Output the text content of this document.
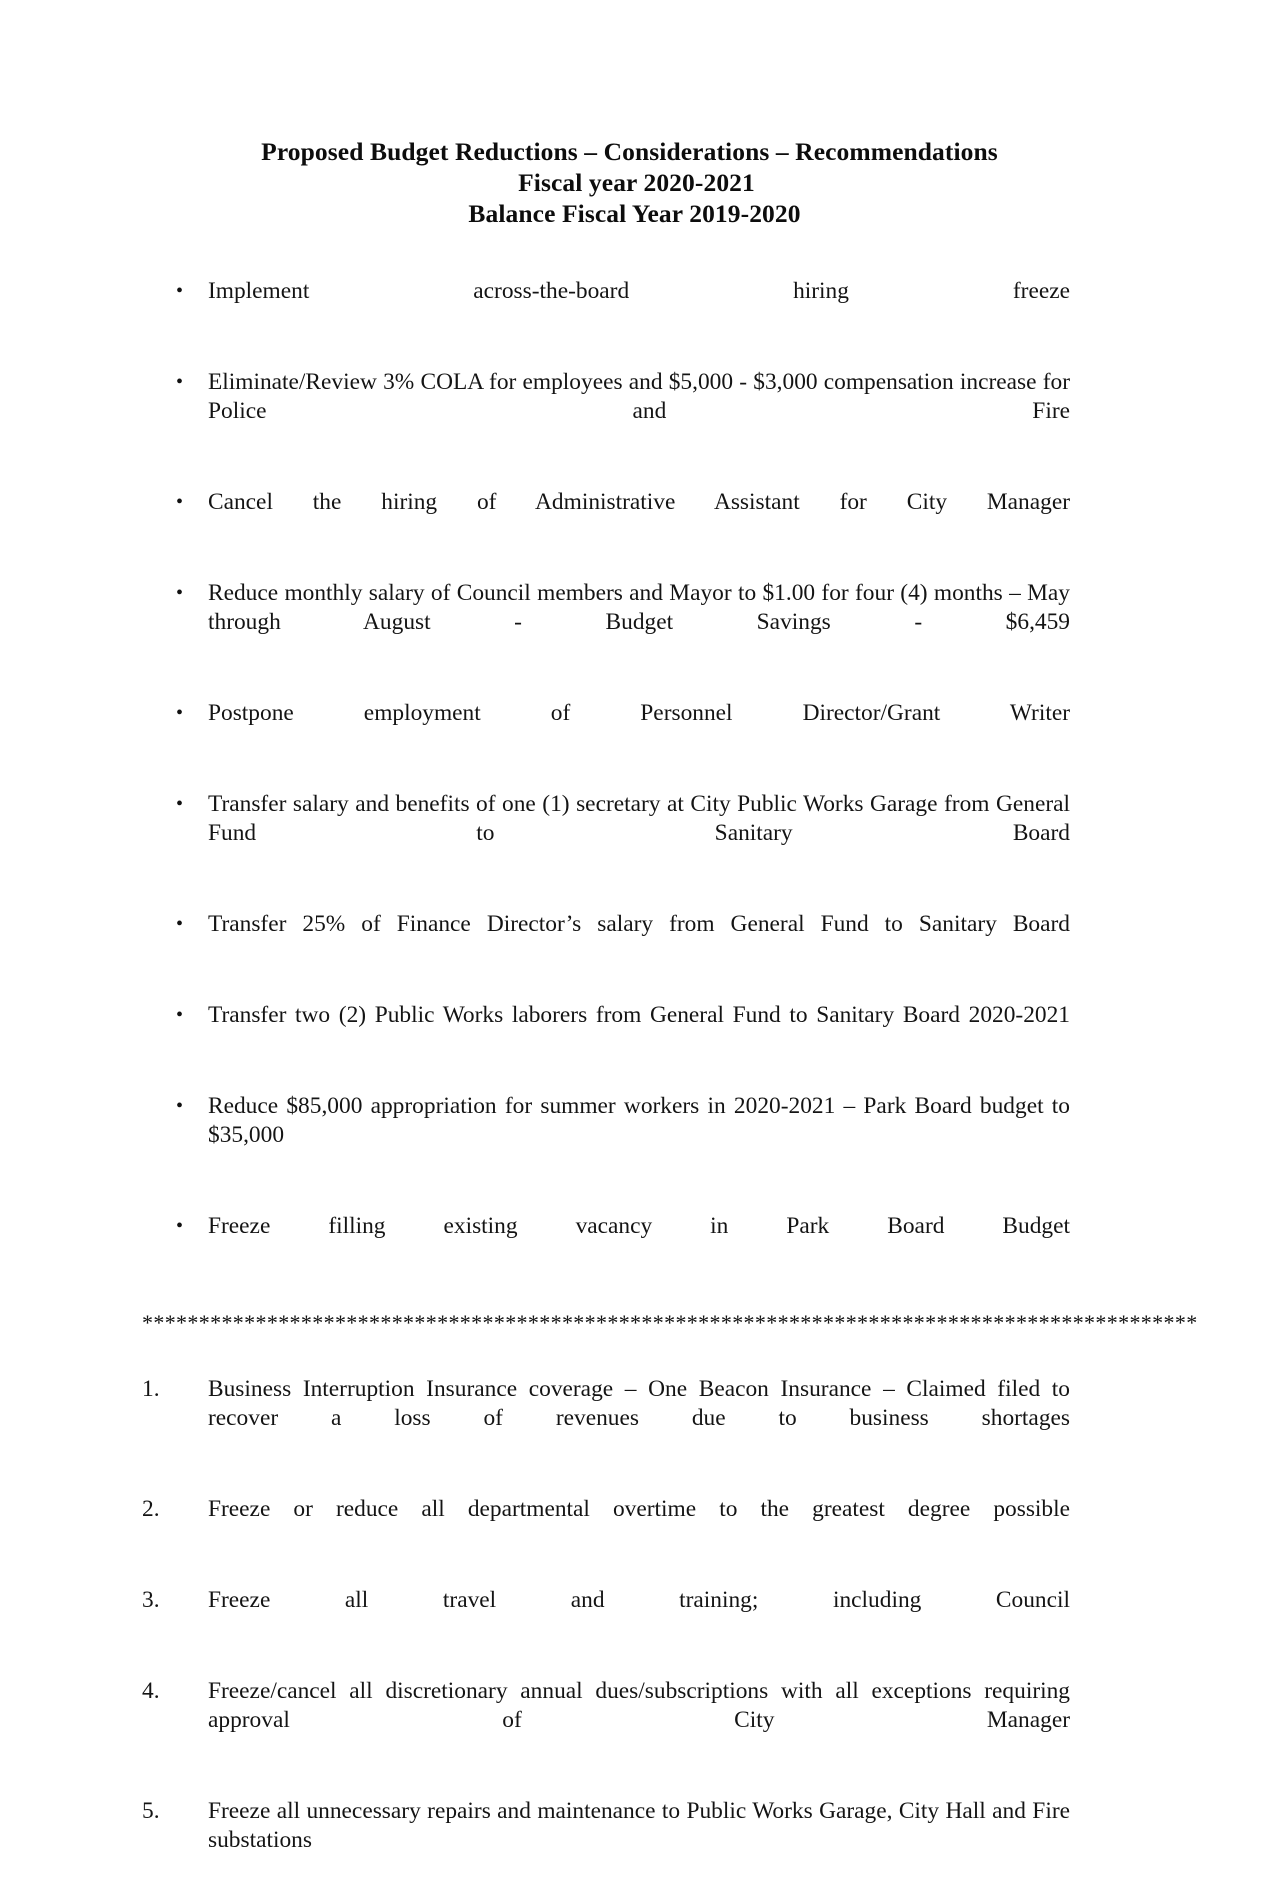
Proposed Budget Reductions – Considerations – Recommendations
Fiscal year 2020-2021
Balance Fiscal Year 2019-2020
• Implement across-the-board hiring freeze
• Eliminate/Review 3% COLA for employees and $5,000 - $3,000 compensation increase for Police and Fire
• Cancel the hiring of Administrative Assistant for City Manager
• Reduce monthly salary of Council members and Mayor to $1.00 for four (4) months – May through August - Budget Savings - $6,459
• Postpone employment of Personnel Director/Grant Writer
• Transfer salary and benefits of one (1) secretary at City Public Works Garage from General Fund to Sanitary Board
• Transfer 25% of Finance Director’s salary from General Fund to Sanitary Board
• Transfer two (2) Public Works laborers from General Fund to Sanitary Board 2020-2021
• Reduce $85,000 appropriation for summer workers in 2020-2021 – Park Board budget to $35,000
• Freeze filling existing vacancy in Park Board Budget
*********************************************************************************************
1. Business Interruption Insurance coverage – One Beacon Insurance – Claimed filed to recover a loss of revenues due to business shortages
2. Freeze or reduce all departmental overtime to the greatest degree possible
3. Freeze all travel and training; including Council
4. Freeze/cancel all discretionary annual dues/subscriptions with all exceptions requiring approval of City Manager
5. Freeze all unnecessary repairs and maintenance to Public Works Garage, City Hall and Fire substations
